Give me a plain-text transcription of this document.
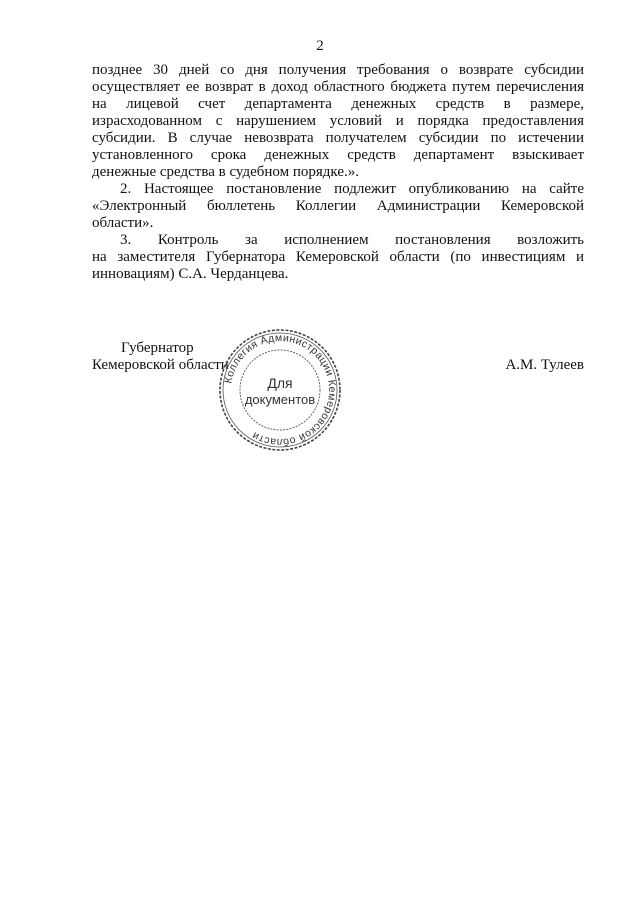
2
позднее 30 дней со дня получения требования о возврате субсидии
осуществляет ее возврат в доход областного бюджета путем перечисления
на лицевой счет департамента денежных средств в размере,
израсходованном с нарушением условий и порядка предоставления
субсидии. В случае невозврата получателем субсидии по истечении
установленного срока денежных средств департамент взыскивает
денежные средства в судебном порядке.».
2. Настоящее постановление подлежит опубликованию на сайте
«Электронный бюллетень Коллегии Администрации Кемеровской
области».
3. Контроль за исполнением постановления возложить
на заместителя Губернатора Кемеровской области (по инвестициям и
инновациям) С.А. Черданцева.
Губернатор
Кемеровской области	А.М. Тулеев
Коллегия Администрации Кемеровской области
Для
документов
